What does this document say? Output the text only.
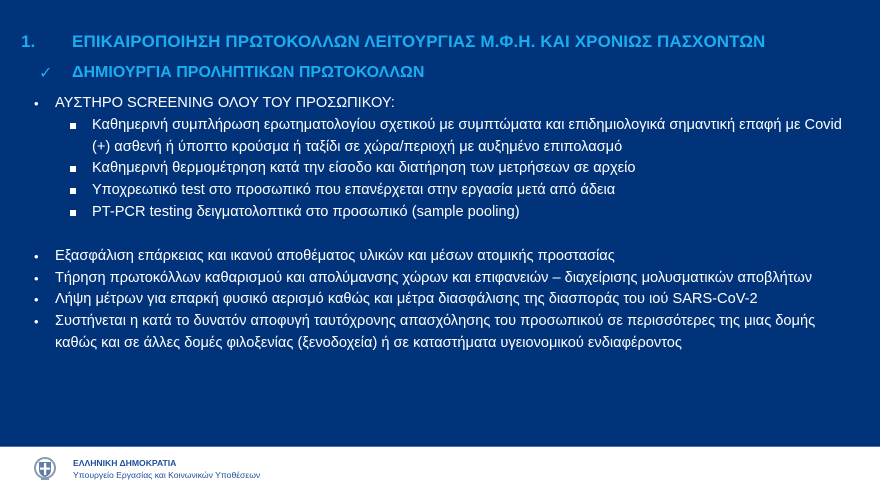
1. ΕΠΙΚΑΙΡΟΠΟΙΗΣΗ ΠΡΩΤΟΚΟΛΛΩΝ ΛΕΙΤΟΥΡΓΙΑΣ Μ.Φ.Η. ΚΑΙ ΧΡΟΝΙΩΣ ΠΑΣΧΟΝΤΩΝ
✓ ΔΗΜΙΟΥΡΓΙΑ ΠΡΟΛΗΠΤΙΚΩΝ ΠΡΩΤΟΚΟΛΛΩΝ
• ΑΥΣΤΗΡΟ SCREENING ΟΛΟΥ ΤΟΥ ΠΡΟΣΩΠΙΚΟΥ:
Καθημερινή συμπλήρωση ερωτηματολογίου σχετικού με συμπτώματα και επιδημιολογικά σημαντική επαφή με Covid (+) ασθενή ή ύποπτο κρούσμα ή ταξίδι σε χώρα/περιοχή με αυξημένο επιπολασμό
Καθημερινή θερμομέτρηση κατά την είσοδο και διατήρηση των μετρήσεων σε αρχείο
Υποχρεωτικό test στο προσωπικό που επανέρχεται στην εργασία μετά από άδεια
PT-PCR testing δειγματολοπτικά στο προσωπικό (sample pooling)
• Εξασφάλιση επάρκειας και ικανού αποθέματος υλικών και μέσων ατομικής προστασίας
• Τήρηση πρωτοκόλλων καθαρισμού και απολύμανσης χώρων και επιφανειών – διαχείρισης μολυσματικών αποβλήτων
• Λήψη μέτρων για επαρκή φυσικό αερισμό καθώς και μέτρα διασφάλισης της διασποράς του ιού SARS-CoV-2
• Συστήνεται η κατά το δυνατόν αποφυγή ταυτόχρονης απασχόλησης του προσωπικού σε περισσότερες της μιας δομής καθώς και σε άλλες δομές φιλοξενίας (ξενοδοχεία) ή σε καταστήματα υγειονομικού ενδιαφέροντος
ΕΛΛΗΝΙΚΗ ΔΗΜΟΚΡΑΤΙΑ
Υπουργείο Εργασίας και Κοινωνικών Υποθέσεων
